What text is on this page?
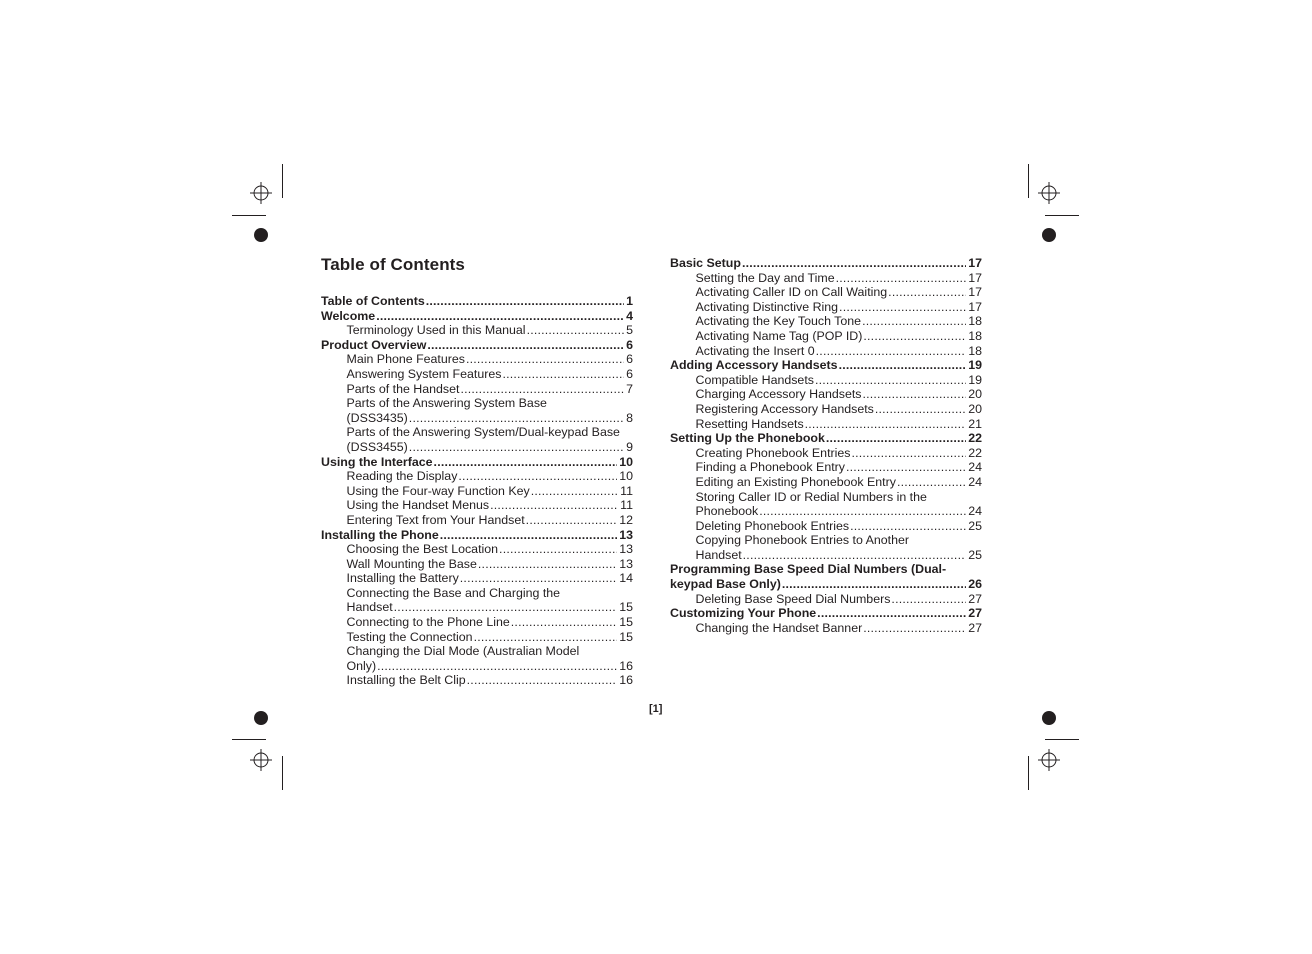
Table of Contents
Table of Contents .....	1
Welcome .....	4
Terminology Used in this Manual .....	5
Product Overview .....	6
Main Phone Features .....	6
Answering System Features .....	6
Parts of the Handset .....	7
Parts of the Answering System Base
(DSS3435) .....	8
Parts of the Answering System/Dual-keypad Base
(DSS3455) .....	9
Using the Interface .....	10
Reading the Display .....	10
Using the Four-way Function Key .....	11
Using the Handset Menus .....	11
Entering Text from Your Handset .....	12
Installing the Phone .....	13
Choosing the Best Location .....	13
Wall Mounting the Base .....	13
Installing the Battery .....	14
Connecting the Base and Charging the
Handset .....	15
Connecting to the Phone Line .....	15
Testing the Connection .....	15
Changing the Dial Mode (Australian Model
Only) .....	16
Installing the Belt Clip .....	16
Basic Setup .....	17
Setting the Day and Time .....	17
Activating Caller ID on Call Waiting .....	17
Activating Distinctive Ring .....	17
Activating the Key Touch Tone .....	18
Activating Name Tag (POP ID) .....	18
Activating the Insert 0 .....	18
Adding Accessory Handsets .....	19
Compatible Handsets .....	19
Charging Accessory Handsets .....	20
Registering Accessory Handsets .....	20
Resetting Handsets .....	21
Setting Up the Phonebook .....	22
Creating Phonebook Entries .....	22
Finding a Phonebook Entry .....	24
Editing an Existing Phonebook Entry .....	24
Storing Caller ID or Redial Numbers in the
Phonebook .....	24
Deleting Phonebook Entries .....	25
Copying Phonebook Entries to Another
Handset .....	25
Programming Base Speed Dial Numbers (Dual-
keypad Base Only) .....	26
Deleting Base Speed Dial Numbers .....	27
Customizing Your Phone .....	27
Changing the Handset Banner .....	27
[1]
